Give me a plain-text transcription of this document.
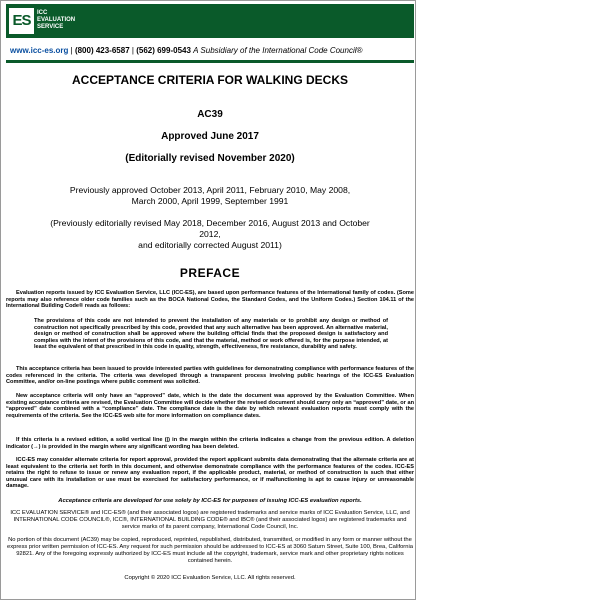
ES	ICC
EVALUATION
SERVICE
www.icc-es.org | (800) 423-6587 | (562) 699-0543 A Subsidiary of the International Code Council®
ACCEPTANCE CRITERIA FOR WALKING DECKS
AC39
Approved June 2017
(Editorially revised November 2020)
Previously approved October 2013, April 2011, February 2010, May 2008,
March 2000, April 1999, September 1991
(Previously editorially revised May 2018, December 2016, August 2013 and October
2012,
and editorially corrected August 2011)
PREFACE

Evaluation reports issued by ICC Evaluation Service, LLC (ICC-ES), are based upon performance features of the International family of codes. (Some reports may also reference older code families such as the BOCA National Codes, the Standard Codes, and the Uniform Codes.) Section 104.11 of the International Building Code® reads as follows:

The provisions of this code are not intended to prevent the installation of any materials or to prohibit any design or method of construction not specifically prescribed by this code, provided that any such alternative has been approved. An alternative material, design or method of construction shall be approved where the building official finds that the proposed design is satisfactory and complies with the intent of the provisions of this code, and that the material, method or work offered is, for the purpose intended, at least the equivalent of that prescribed in this code in quality, strength, effectiveness, fire resistance, durability and safety.

This acceptance criteria has been issued to provide interested parties with guidelines for demonstrating compliance with performance features of the codes referenced in the criteria. The criteria was developed through a transparent process involving public hearings of the ICC-ES Evaluation Committee, and/or on-line postings where public comment was solicited.

New acceptance criteria will only have an “approved” date, which is the date the document was approved by the Evaluation Committee. When existing acceptance criteria are revised, the Evaluation Committee will decide whether the revised document should carry only an “approved” date, or an “approved” date combined with a “compliance” date. The compliance date is the date by which relevant evaluation reports must comply with the requirements of the criteria. See the ICC-ES web site for more information on compliance dates.

If this criteria is a revised edition, a solid vertical line (|) in the margin within the criteria indicates a change from the previous edition. A deletion indicator (→) is provided in the margin where any significant wording has been deleted.

ICC-ES may consider alternate criteria for report approval, provided the report applicant submits data demonstrating that the alternate criteria are at least equivalent to the criteria set forth in this document, and otherwise demonstrate compliance with the performance features of the codes. ICC-ES retains the right to refuse to issue or renew any evaluation report, if the applicable product, material, or method of construction is such that either unusual care with its installation or use must be exercised for satisfactory performance, or if malfunctioning is apt to cause injury or unreasonable damage.

Acceptance criteria are developed for use solely by ICC-ES for purposes of issuing ICC-ES evaluation reports.
ICC EVALUATION SERVICE® and ICC-ES® (and their associated logos) are registered trademarks and service marks of ICC Evaluation Service, LLC, and INTERNATIONAL CODE COUNCIL®, ICC®, INTERNATIONAL BUILDING CODE® and IBC® (and their associated logos) are registered trademarks and service marks of its parent company, International Code Council, Inc.
No portion of this document (AC39) may be copied, reproduced, reprinted, republished, distributed, transmitted, or modified in any form or manner without the express prior written permission of ICC-ES. Any request for such permission should be addressed to ICC-ES at 3060 Saturn Street, Suite 100, Brea, California 92821. Any of the foregoing expressly authorized by ICC-ES must include all the copyright, trademark, service mark and other proprietary rights notices contained herein.
Copyright © 2020 ICC Evaluation Service, LLC. All rights reserved.
